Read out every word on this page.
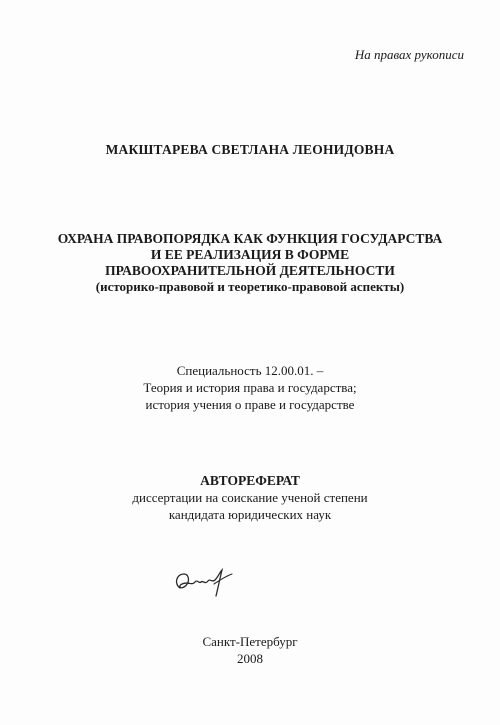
На правах рукописи
МАКШТАРЕВА СВЕТЛАНА ЛЕОНИДОВНА
ОХРАНА ПРАВОПОРЯДКА КАК ФУНКЦИЯ ГОСУДАРСТВА
И ЕЕ РЕАЛИЗАЦИЯ В ФОРМЕ
ПРАВООХРАНИТЕЛЬНОЙ ДЕЯТЕЛЬНОСТИ
(историко-правовой и теоретико-правовой аспекты)
Специальность 12.00.01. –
Теория и история права и государства;
история учения о праве и государстве
АВТОРЕФЕРАТ
диссертации на соискание ученой степени
кандидата юридических наук
Санкт-Петербург
2008
